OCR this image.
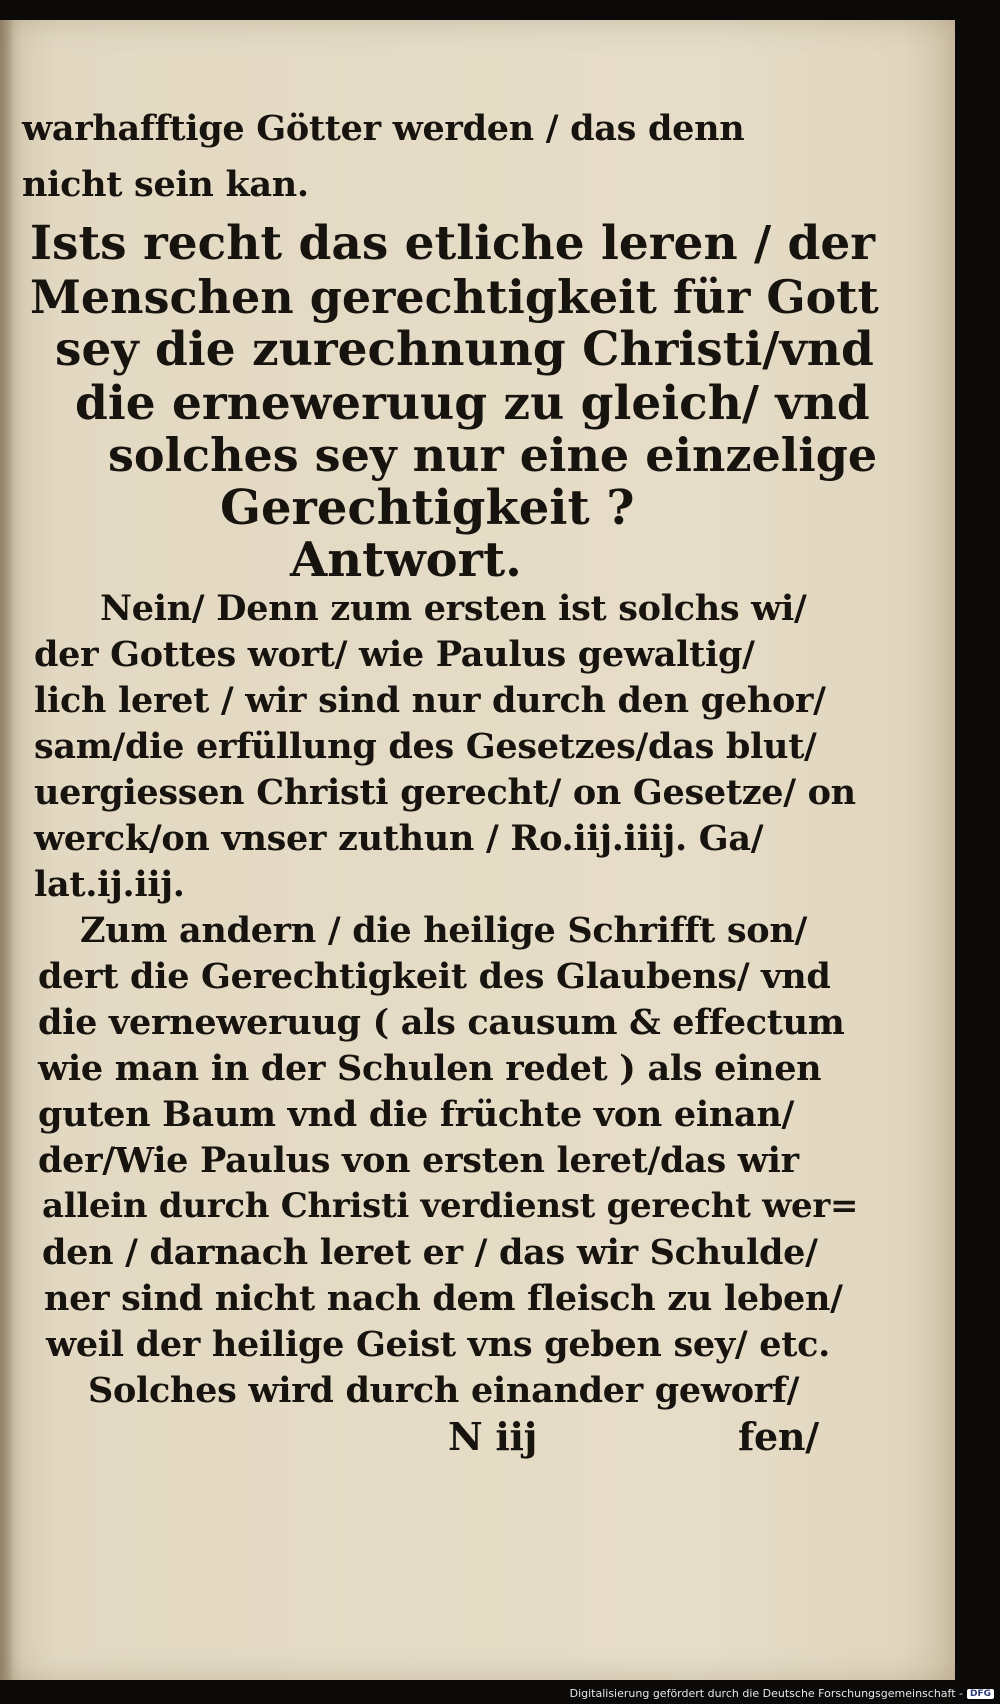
warhafftige Götter werden / das denn
nicht sein kan.
Ists recht das etliche leren / der
Menschen gerechtigkeit für Gott
sey die zurechnung Christi/vnd
die erneweruug zu gleich/ vnd
solches sey nur eine einzelige
Gerechtigkeit ?
Antwort.
Nein/ Denn zum ersten ist solchs wi/
der Gottes wort/ wie Paulus gewaltig/
lich leret / wir sind nur durch den gehor/
sam/die erfüllung des Gesetzes/das blut/
uergiessen Christi gerecht/ on Gesetze/ on
werck/on vnser zuthun / Ro.iij.iiij. Ga/
lat.ij.iij.
Zum andern / die heilige Schrifft son/
dert die Gerechtigkeit des Glaubens/ vnd
die verneweruug ( als causum & effectum
wie man in der Schulen redet ) als einen
guten Baum vnd die früchte von einan/
der/Wie Paulus von ersten leret/das wir
allein durch Christi verdienst gerecht wer=
den / darnach leret er / das wir Schulde/
ner sind nicht nach dem fleisch zu leben/
weil der heilige Geist vns geben sey/ etc.
Solches wird durch einander geworf/
N iij	fen/
Digitalisierung gefördert durch die Deutsche Forschungsgemeinschaft - DFG
